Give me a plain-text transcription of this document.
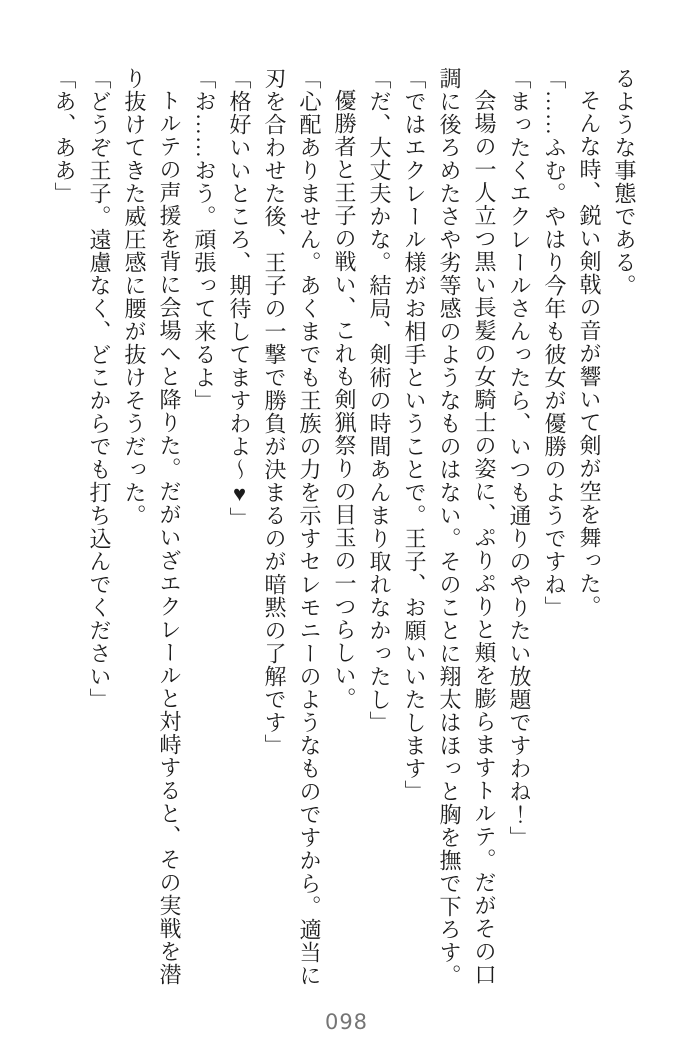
るような事態である。

そんな時、鋭い剣戟の音が響いて剣が空を舞った。

「……ふむ。やはり今年も彼女が優勝のようですね」

「まったくエクレールさんったら、いつも通りのやりたい放題ですわね！」

会場の一人立つ黒い長髪の女騎士の姿に、ぷりぷりと頬を膨らますトルテ。だがその口

調に後ろめたさや劣等感のようなものはない。そのことに翔太はほっと胸を撫で下ろす。

「ではエクレール様がお相手ということで。王子、お願いいたします」

「だ、大丈夫かな。結局、剣術の時間あんまり取れなかったし」

優勝者と王子の戦い、これも剣猟祭りの目玉の一つらしい。

「心配ありません。あくまでも王族の力を示すセレモニーのようなものですから。適当に

刃を合わせた後、王子の一撃で勝負が決まるのが暗黙の了解です」

「格好いいところ、期待してますわよ～♥」

「お……おう。頑張って来るよ」

トルテの声援を背に会場へと降りた。だがいざエクレールと対峙すると、その実戦を潜

り抜けてきた威圧感に腰が抜けそうだった。

「どうぞ王子。遠慮なく、どこからでも打ち込んでください」

「あ、ああ」

098
